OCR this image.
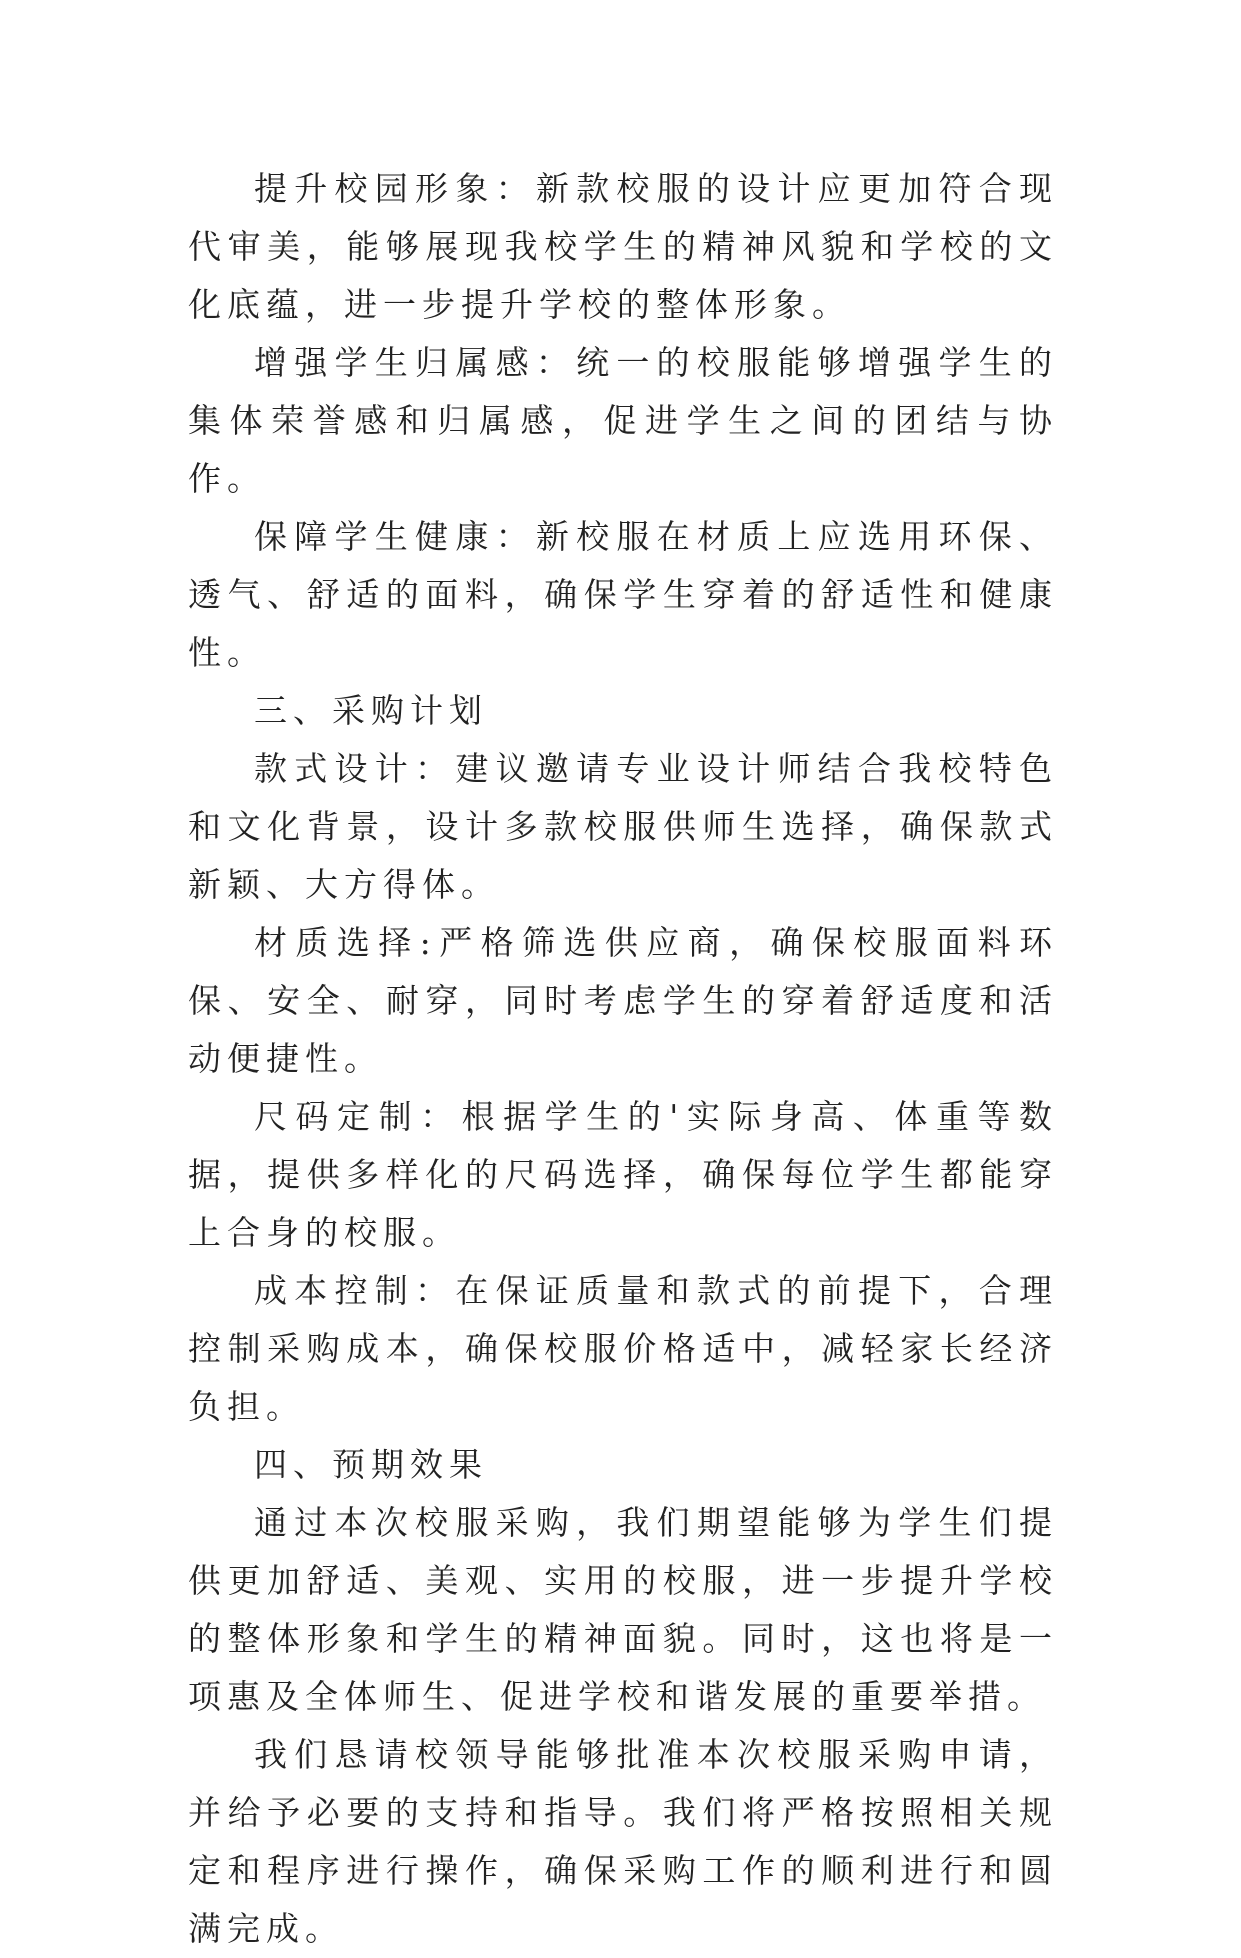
提升校园形象：新款校服的设计应更加符合现代审美，能够展现我校学生的精神风貌和学校的文化底蕴，进一步提升学校的整体形象。

增强学生归属感：统一的校服能够增强学生的集体荣誉感和归属感，促进学生之间的团结与协作。

保障学生健康：新校服在材质上应选用环保、透气、舒适的面料，确保学生穿着的舒适性和健康性。

三、采购计划

款式设计：建议邀请专业设计师结合我校特色和文化背景，设计多款校服供师生选择，确保款式新颖、大方得体。

材质选择:严格筛选供应商，确保校服面料环保、安全、耐穿，同时考虑学生的穿着舒适度和活动便捷性。

尺码定制：根据学生的'实际身高、体重等数据，提供多样化的尺码选择，确保每位学生都能穿上合身的校服。

成本控制：在保证质量和款式的前提下，合理控制采购成本，确保校服价格适中，减轻家长经济负担。

四、预期效果

通过本次校服采购，我们期望能够为学生们提供更加舒适、美观、实用的校服，进一步提升学校的整体形象和学生的精神面貌。同时，这也将是一项惠及全体师生、促进学校和谐发展的重要举措。

我们恳请校领导能够批准本次校服采购申请，并给予必要的支持和指导。我们将严格按照相关规定和程序进行操作，确保采购工作的顺利进行和圆满完成。
